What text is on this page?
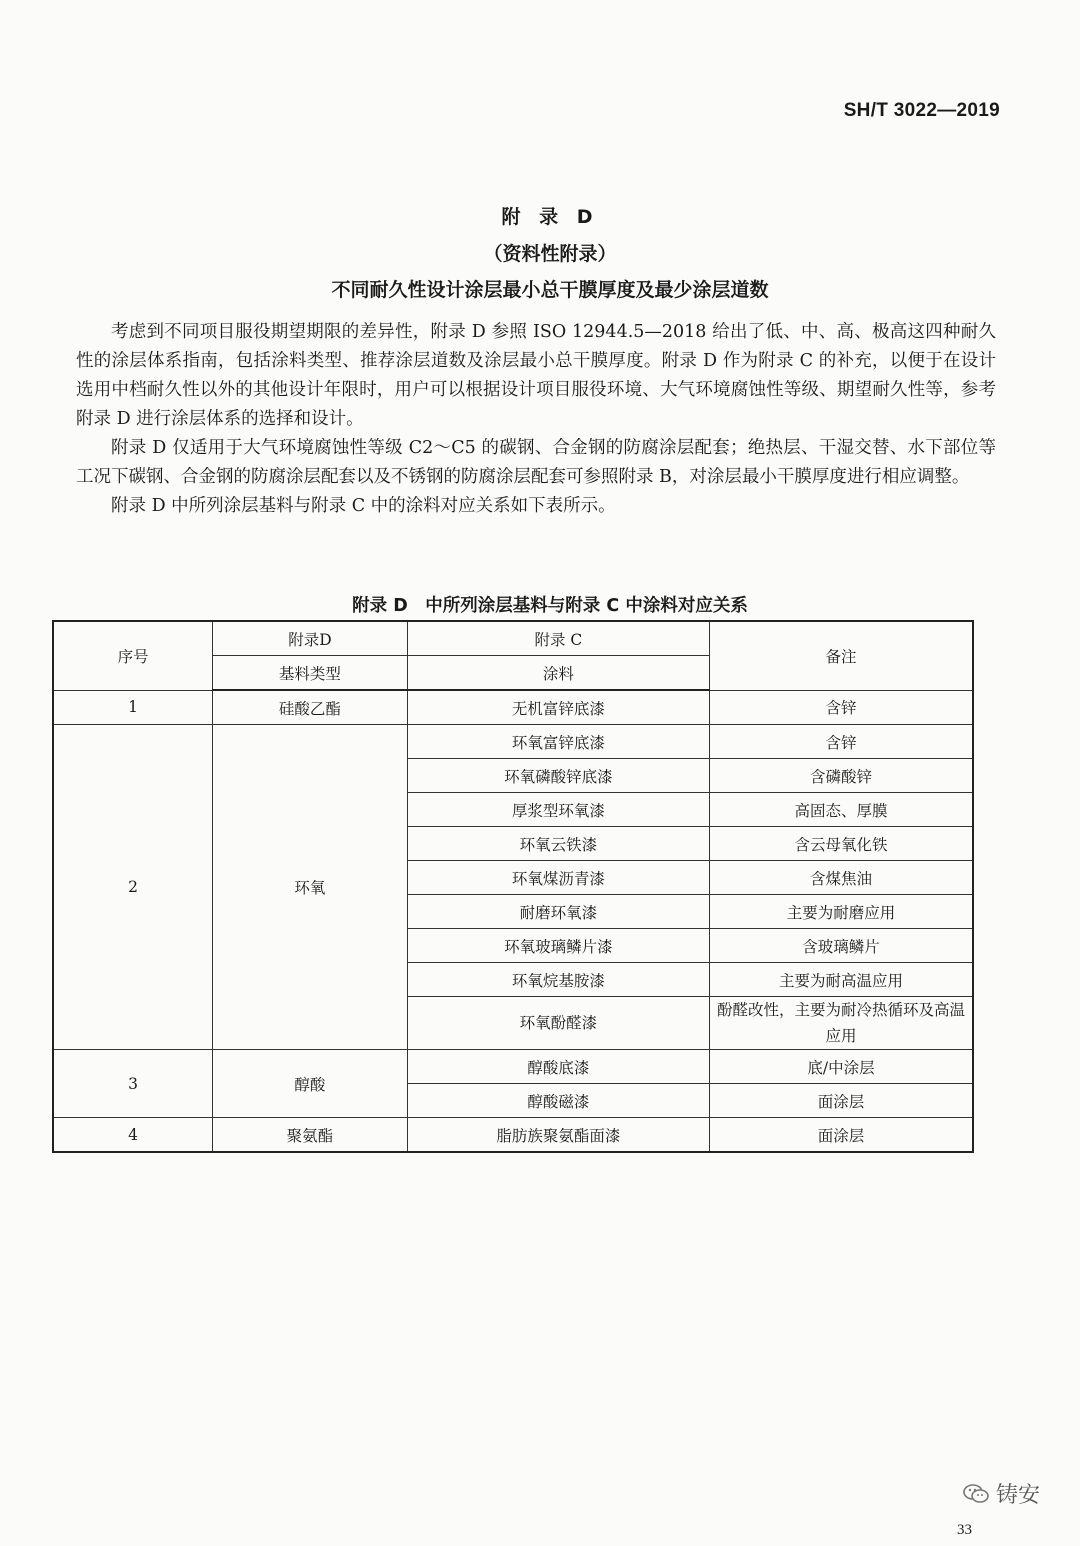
SH/T 3022—2019
附 录 D
（资料性附录）
不同耐久性设计涂层最小总干膜厚度及最少涂层道数

考虑到不同项目服役期望期限的差异性，附录 D 参照 ISO 12944.5—2018 给出了低、中、高、极高这四种耐久性的涂层体系指南，包括涂料类型、推荐涂层道数及涂层最小总干膜厚度。附录 D 作为附录 C 的补充，以便于在设计选用中档耐久性以外的其他设计年限时，用户可以根据设计项目服役环境、大气环境腐蚀性等级、期望耐久性等，参考附录 D 进行涂层体系的选择和设计。

附录 D 仅适用于大气环境腐蚀性等级 C2～C5 的碳钢、合金钢的防腐涂层配套；绝热层、干湿交替、水下部位等工况下碳钢、合金钢的防腐涂层配套以及不锈钢的防腐涂层配套可参照附录 B，对涂层最小干膜厚度进行相应调整。

附录 D 中所列涂层基料与附录 C 中的涂料对应关系如下表所示。

附录 D　中所列涂层基料与附录 C 中涂料对应关系
序号	附录D	附录 C	备注
	基料类型	涂料	
1	硅酸乙酯	无机富锌底漆	含锌
2	环氧	环氧富锌底漆	含锌
		环氧磷酸锌底漆	含磷酸锌
		厚浆型环氧漆	高固态、厚膜
		环氧云铁漆	含云母氧化铁
		环氧煤沥青漆	含煤焦油
		耐磨环氧漆	主要为耐磨应用
		环氧玻璃鳞片漆	含玻璃鳞片
		环氧烷基胺漆	主要为耐高温应用
		环氧酚醛漆	酚醛改性，主要为耐冷热循环及高温应用
3	醇酸	醇酸底漆	底/中涂层
		醇酸磁漆	面涂层
4	聚氨酯	脂肪族聚氨酯面漆	面涂层
铸安
33
